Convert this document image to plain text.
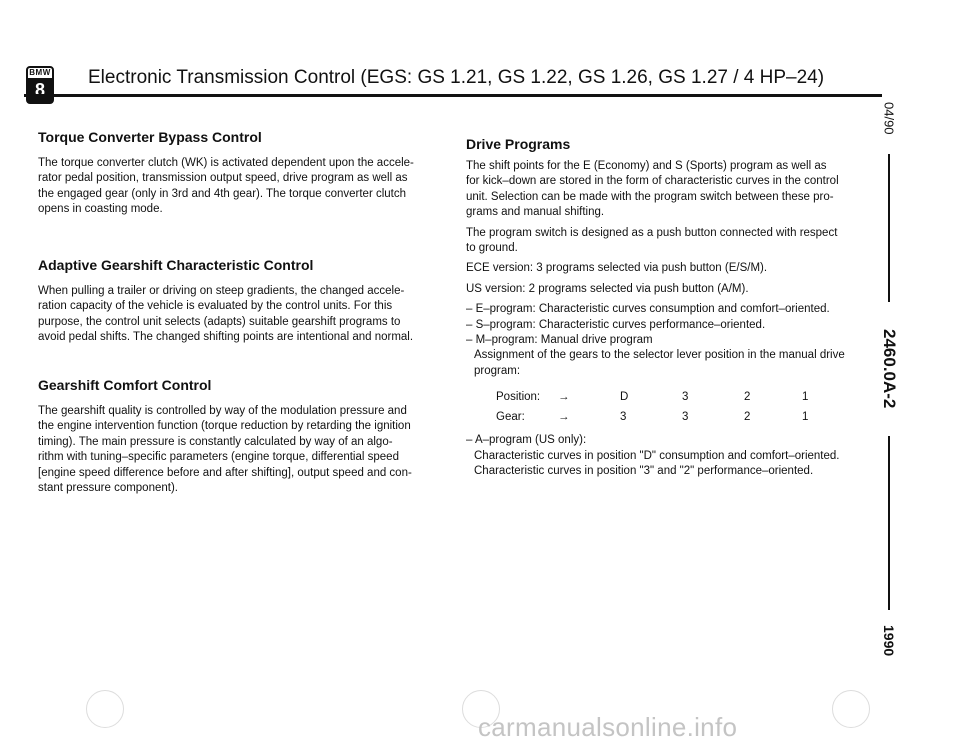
BMW
8
Electronic Transmission Control (EGS: GS 1.21, GS 1.22, GS 1.26, GS 1.27 / 4 HP–24)
Torque Converter Bypass Control

The torque converter clutch (WK) is activated dependent upon the accele-

rator pedal position, transmission output speed, drive program as well as

the engaged gear (only in 3rd and 4th gear). The torque converter clutch

opens in coasting mode.

Adaptive Gearshift Characteristic Control

When pulling a trailer or driving on steep gradients, the changed accele-

ration capacity of the vehicle is evaluated by the control units. For this

purpose, the control unit selects (adapts) suitable gearshift programs to

avoid pedal shifts. The changed shifting points are intentional and normal.

Gearshift Comfort Control

The gearshift quality is controlled by way of the modulation pressure and

the engine intervention function (torque reduction by retarding the ignition

timing). The main pressure is constantly calculated by way of an algo-

rithm with tuning–specific parameters (engine torque, differential speed

[engine speed difference before and after shifting], output speed and con-

stant pressure component).

Drive Programs

The shift points for the E (Economy) and S (Sports) program as well as

for kick–down are stored in the form of characteristic curves in the control

unit. Selection can be made with the program switch between these pro-

grams and manual shifting.

The program switch is designed as a push button connected with respect

to ground.

ECE version: 3 programs selected via push button (E/S/M).

US version: 2 programs selected via push button (A/M).

– E–program: Characteristic curves consumption and comfort–oriented.

– S–program: Characteristic curves performance–oriented.

– M–program: Manual drive program

Assignment of the gears to the selector lever position in the manual drive

program:

Position:	→	D	3	2	1
Gear:	→	3	3	2	1

– A–program (US only):

Characteristic curves in position "D" consumption and comfort–oriented.

Characteristic curves in position "3" and "2" performance–oriented.

04/90
2460.0A-2
1990
carmanualsonline.info
